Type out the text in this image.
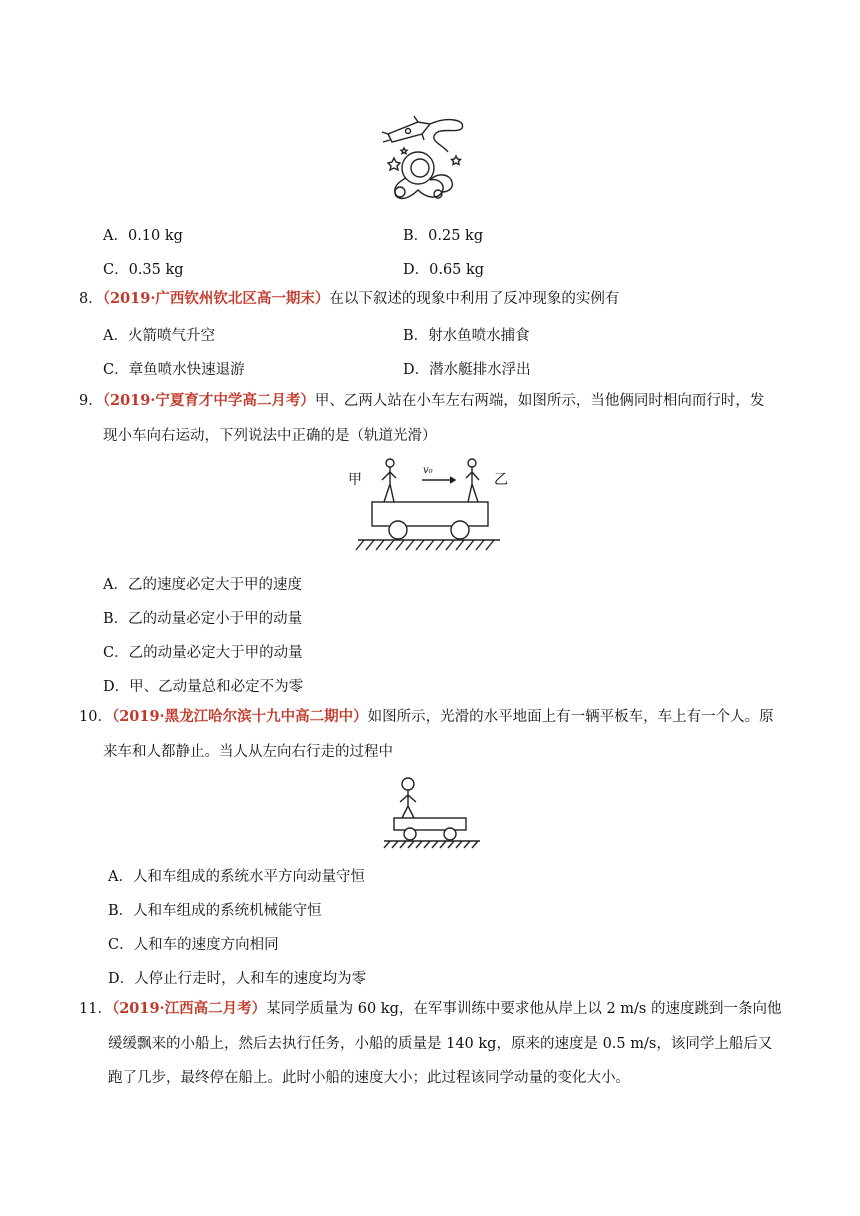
A．0.10 kg	B．0.25 kg
C．0.35 kg	D．0.65 kg
8．（2019·广西钦州钦北区高一期末）在以下叙述的现象中利用了反冲现象的实例有
A．火箭喷气升空	B．射水鱼喷水捕食
C．章鱼喷水快速退游	D．潜水艇排水浮出
9．（2019·宁夏育才中学高二月考）甲、乙两人站在小车左右两端，如图所示，当他俩同时相向而行时，发
现小车向右运动，下列说法中正确的是（轨道光滑）
甲	乙
v₀
A．乙的速度必定大于甲的速度
B．乙的动量必定小于甲的动量
C．乙的动量必定大于甲的动量
D．甲、乙动量总和必定不为零
10．（2019·黑龙江哈尔滨十九中高二期中）如图所示，光滑的水平地面上有一辆平板车，车上有一个人。原
来车和人都静止。当人从左向右行走的过程中
A．人和车组成的系统水平方向动量守恒
B．人和车组成的系统机械能守恒
C．人和车的速度方向相同
D．人停止行走时，人和车的速度均为零
11．（2019·江西高二月考）某同学质量为 60 kg，在军事训练中要求他从岸上以 2 m/s 的速度跳到一条向他
缓缓飘来的小船上，然后去执行任务，小船的质量是 140 kg，原来的速度是 0.5 m/s，该同学上船后又
跑了几步，最终停在船上。此时小船的速度大小；此过程该同学动量的变化大小。
